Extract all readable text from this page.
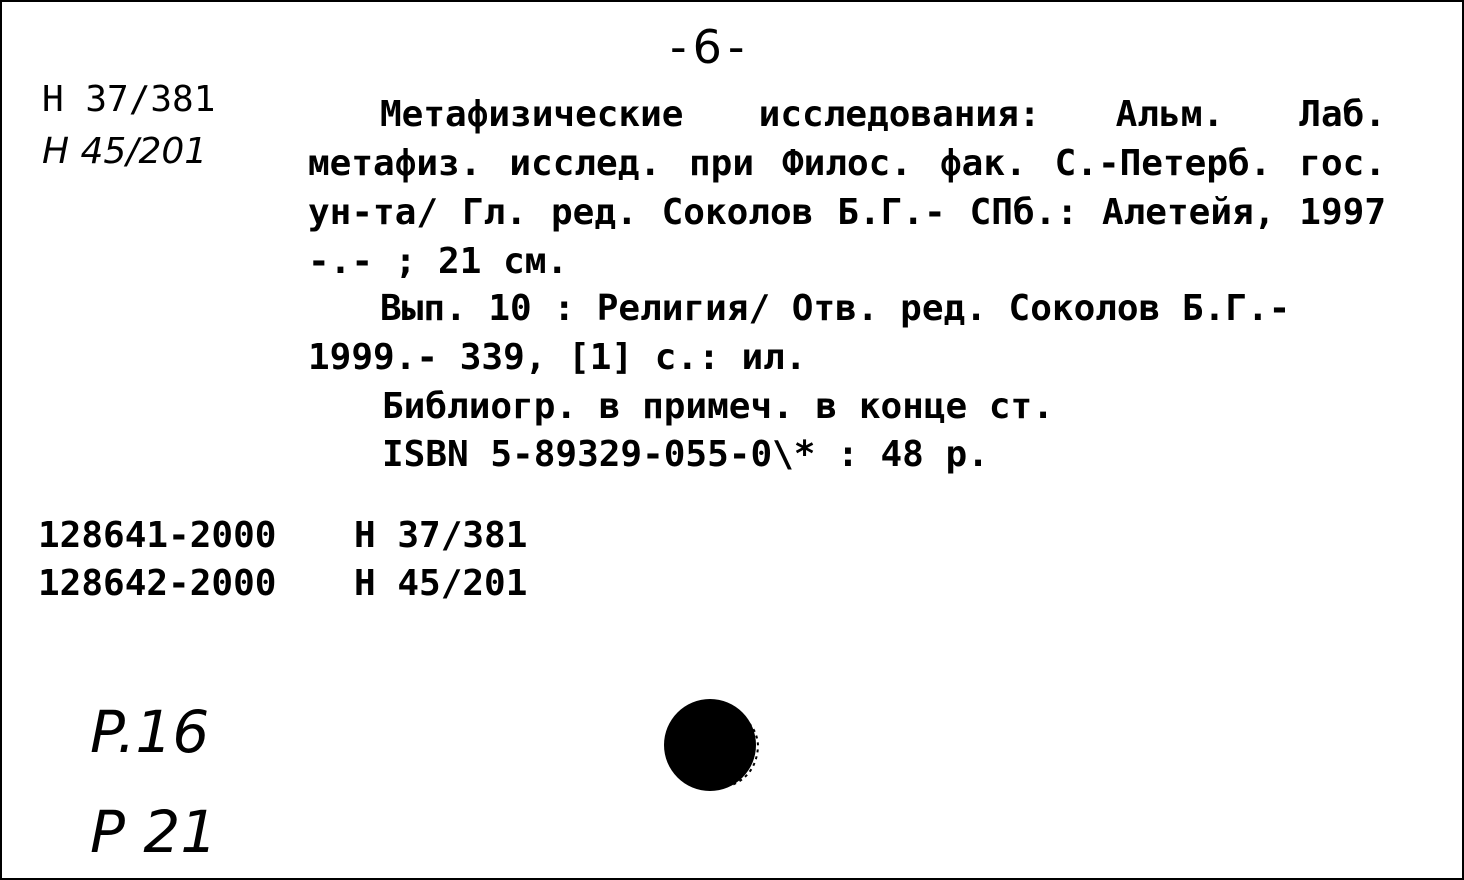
-6-
Н 37/381
Н 45/201

Метафизические исследования: Альм. Лаб. метафиз. исслед. при Филос. фак. С.-Петерб. гос. ун-та/ Гл. ред. Соколов Б.Г.- СПб.: Алетейя, 1997 -.- ; 21 см.

Вып. 10 : Религия/ Отв. ред. Соколов Б.Г.- 1999.- 339, [1] с.: ил.

Библиогр. в примеч. в конце ст.
ISBN 5-89329-055-0\* : 48 р.
128641-2000 Н 37/381
128642-2000 Н 45/201
P.16
P 21
